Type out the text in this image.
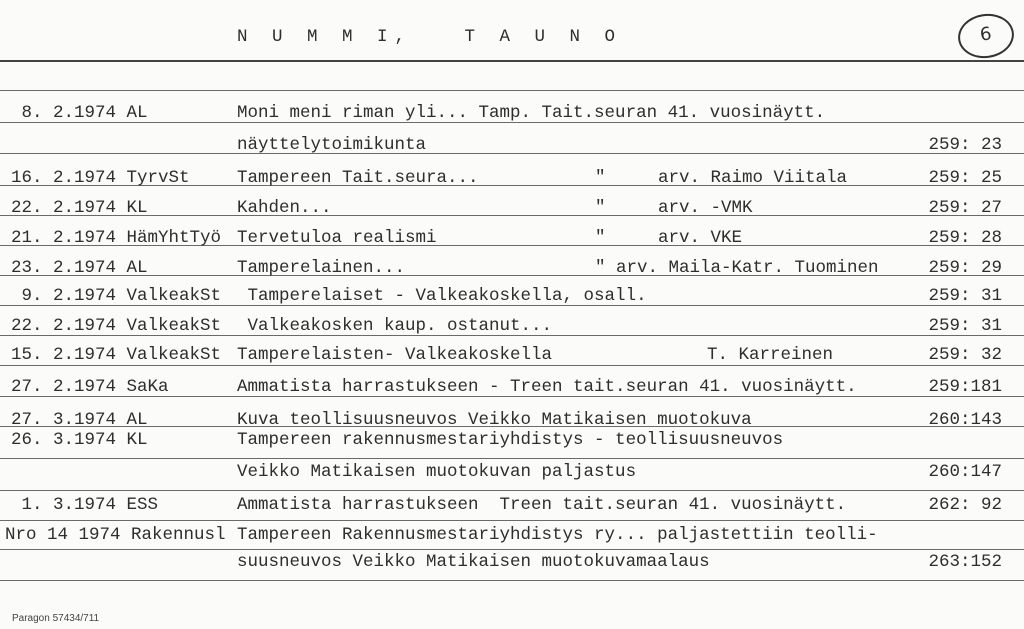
N U M M I,   T A U N O	6
8. 2.1974 AL	Moni meni riman yli... Tamp. Tait.seuran 41. vuosinäytt.
näyttelytoimikunta	259: 23
16. 2.1974 TyrvSt	Tampereen Tait.seura...	"     arv. Raimo Viitala	259: 25
22. 2.1974 KL	Kahden...	"     arv. -VMK	259: 27
21. 2.1974 HämYhtTyö Tervetuloa realismi	"     arv. VKE	259: 28
23. 2.1974 AL	Tamperelainen...	" arv. Maila-Katr. Tuominen	259: 29
9. 2.1974 ValkeakSt Tamperelaiset - Valkeakoskella, osall.	259: 31
22. 2.1974 ValkeakSt Valkeakosken kaup. ostanut...	259: 31
15. 2.1974 ValkeakSt Tamperelaisten- Valkeakoskella	T. Karreinen	259: 32
27. 2.1974 SaKa	Ammatista harrastukseen - Treen tait.seuran 41. vuosinäytt.	259:181
27. 3.1974 AL	Kuva teollisuusneuvos Veikko Matikaisen muotokuva	260:143
26. 3.1974 KL	Tampereen rakennusmestariyhdistys - teollisuusneuvos
Veikko Matikaisen muotokuvan paljastus	260:147
1. 3.1974 ESS	Ammatista harrastukseen  Treen tait.seuran 41. vuosinäytt.	262: 92
Nro 14 1974 Rakennusl Tampereen Rakennusmestariyhdistys ry... paljastettiin teolli-
suusneuvos Veikko Matikaisen muotokuvamaalaus	263:152
Paragon 57434/711
